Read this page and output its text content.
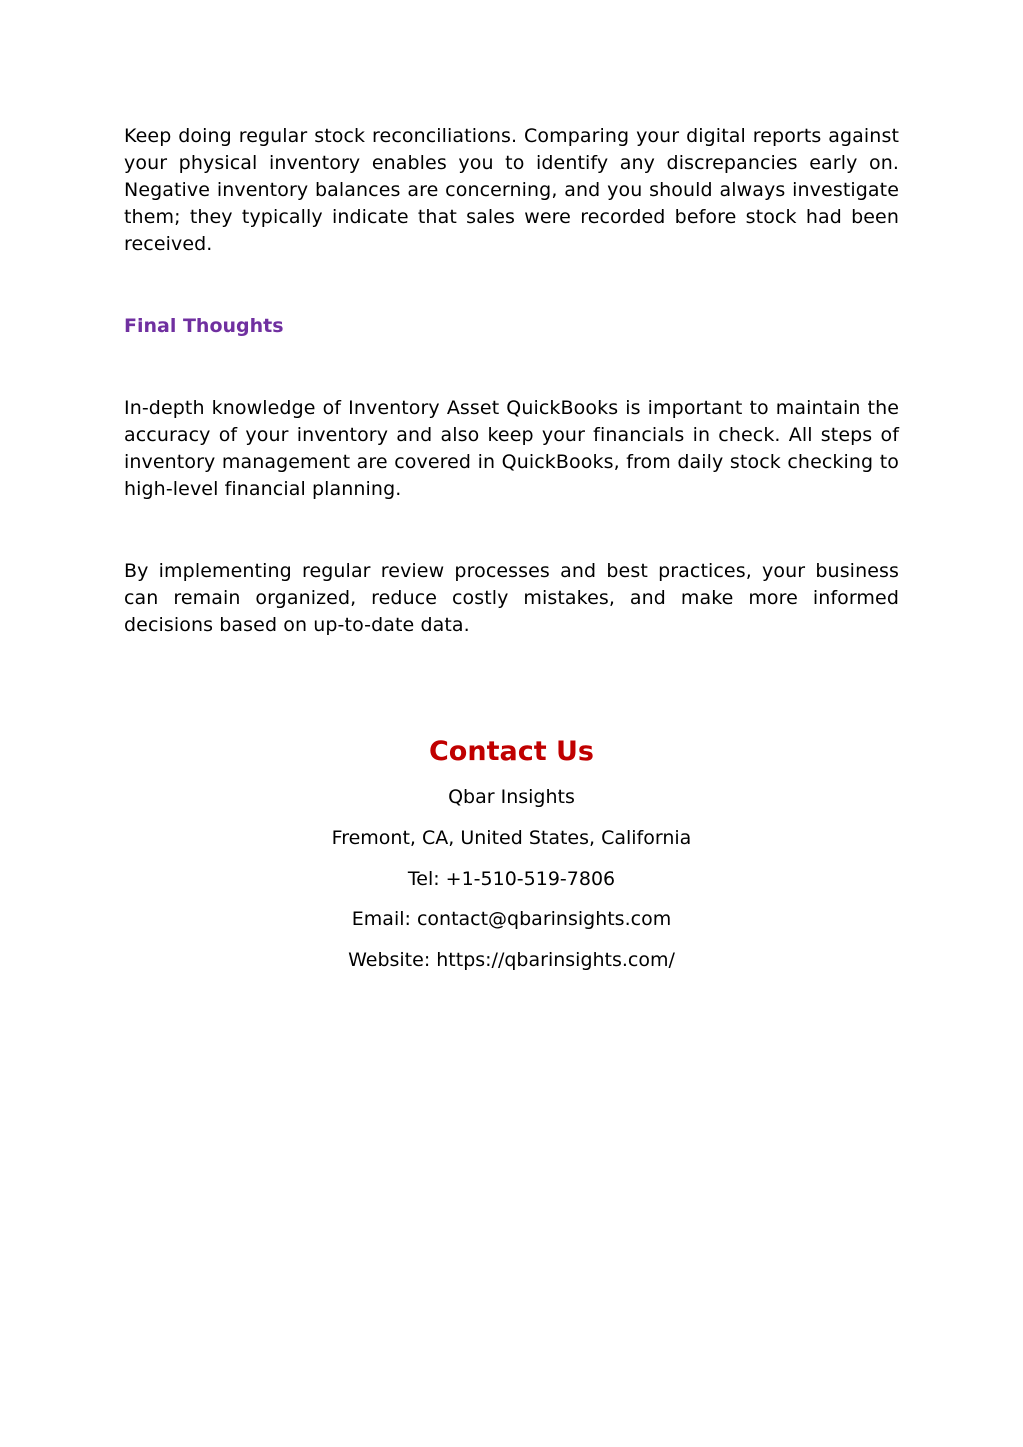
Keep doing regular stock reconciliations. Comparing your digital reports against your physical inventory enables you to identify any discrepancies early on. Negative inventory balances are concerning, and you should always investigate them; they typically indicate that sales were recorded before stock had been received.

Final Thoughts

In-depth knowledge of Inventory Asset QuickBooks is important to maintain the accuracy of your inventory and also keep your financials in check. All steps of inventory management are covered in QuickBooks, from daily stock checking to high-level financial planning.

By implementing regular review processes and best practices, your business can remain organized, reduce costly mistakes, and make more informed decisions based on up-to-date data.

Contact Us

Qbar Insights

Fremont, CA, United States, California

Tel: +1-510-519-7806

Email: contact@qbarinsights.com

Website: https://qbarinsights.com/
